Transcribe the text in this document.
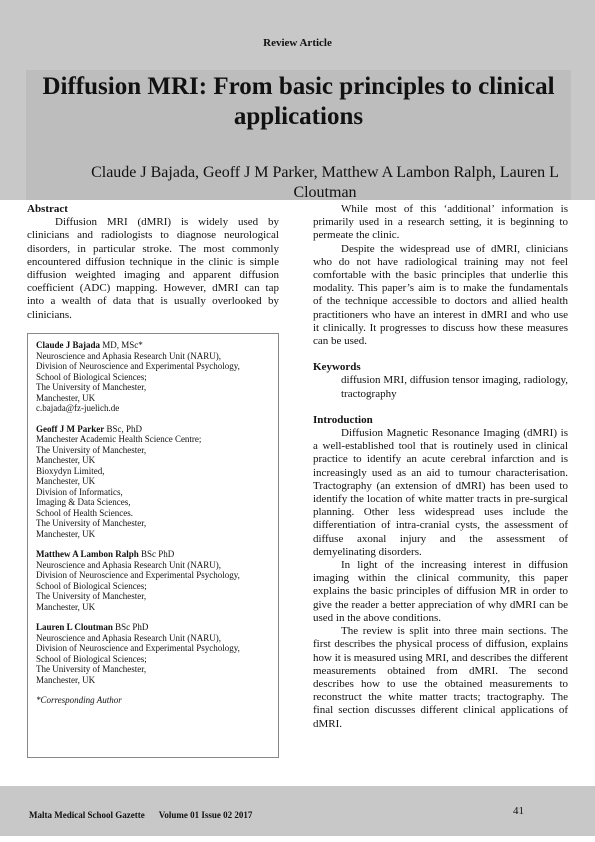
Review Article
Diffusion MRI: From basic principles to clinical applications
Claude J Bajada, Geoff J M Parker, Matthew A Lambon Ralph, Lauren L Cloutman

Abstract

Diffusion MRI (dMRI) is widely used by clinicians and radiologists to diagnose neurological disorders, in particular stroke. The most commonly encountered diffusion technique in the clinic is simple diffusion weighted imaging and apparent diffusion coefficient (ADC) mapping. However, dMRI can tap into a wealth of data that is usually overlooked by clinicians.

Claude J Bajada MD, MSc*

Neuroscience and Aphasia Research Unit (NARU),

Division of Neuroscience and Experimental Psychology,

School of Biological Sciences;

The University of Manchester,

Manchester, UK

c.bajada@fz-juelich.de

Geoff J M Parker BSc, PhD

Manchester Academic Health Science Centre;

The University of Manchester,

Manchester, UK

Bioxydyn Limited,

Manchester, UK

Division of Informatics,

Imaging & Data Sciences,

School of Health Sciences.

The University of Manchester,

Manchester, UK

Matthew A Lambon Ralph BSc PhD

Neuroscience and Aphasia Research Unit (NARU),

Division of Neuroscience and Experimental Psychology,

School of Biological Sciences;

The University of Manchester,

Manchester, UK

Lauren L Cloutman BSc PhD

Neuroscience and Aphasia Research Unit (NARU),

Division of Neuroscience and Experimental Psychology,

School of Biological Sciences;

The University of Manchester,

Manchester, UK

*Corresponding Author

While most of this ‘additional’ information is primarily used in a research setting, it is beginning to permeate the clinic.

Despite the widespread use of dMRI, clinicians who do not have radiological training may not feel comfortable with the basic principles that underlie this modality. This paper’s aim is to make the fundamentals of the technique accessible to doctors and allied health practitioners who have an interest in dMRI and who use it clinically. It progresses to discuss how these measures can be used.

Keywords

diffusion MRI, diffusion tensor imaging, radiology, tractography

Introduction

Diffusion Magnetic Resonance Imaging (dMRI) is a well-established tool that is routinely used in clinical practice to identify an acute cerebral infarction and is increasingly used as an aid to tumour characterisation. Tractography (an extension of dMRI) has been used to identify the location of white matter tracts in pre-surgical planning. Other less widespread uses include the differentiation of intra-cranial cysts, the assessment of diffuse axonal injury and the assessment of demyelinating disorders.

In light of the increasing interest in diffusion imaging within the clinical community, this paper explains the basic principles of diffusion MR in order to give the reader a better appreciation of why dMRI can be used in the above conditions.

The review is split into three main sections. The first describes the physical process of diffusion, explains how it is measured using MRI, and describes the different measurements obtained from dMRI. The second describes how to use the obtained measurements to reconstruct the white matter tracts; tractography. The final section discusses different clinical applications of dMRI.

Malta Medical School Gazette Volume 01 Issue 02 2017	41
